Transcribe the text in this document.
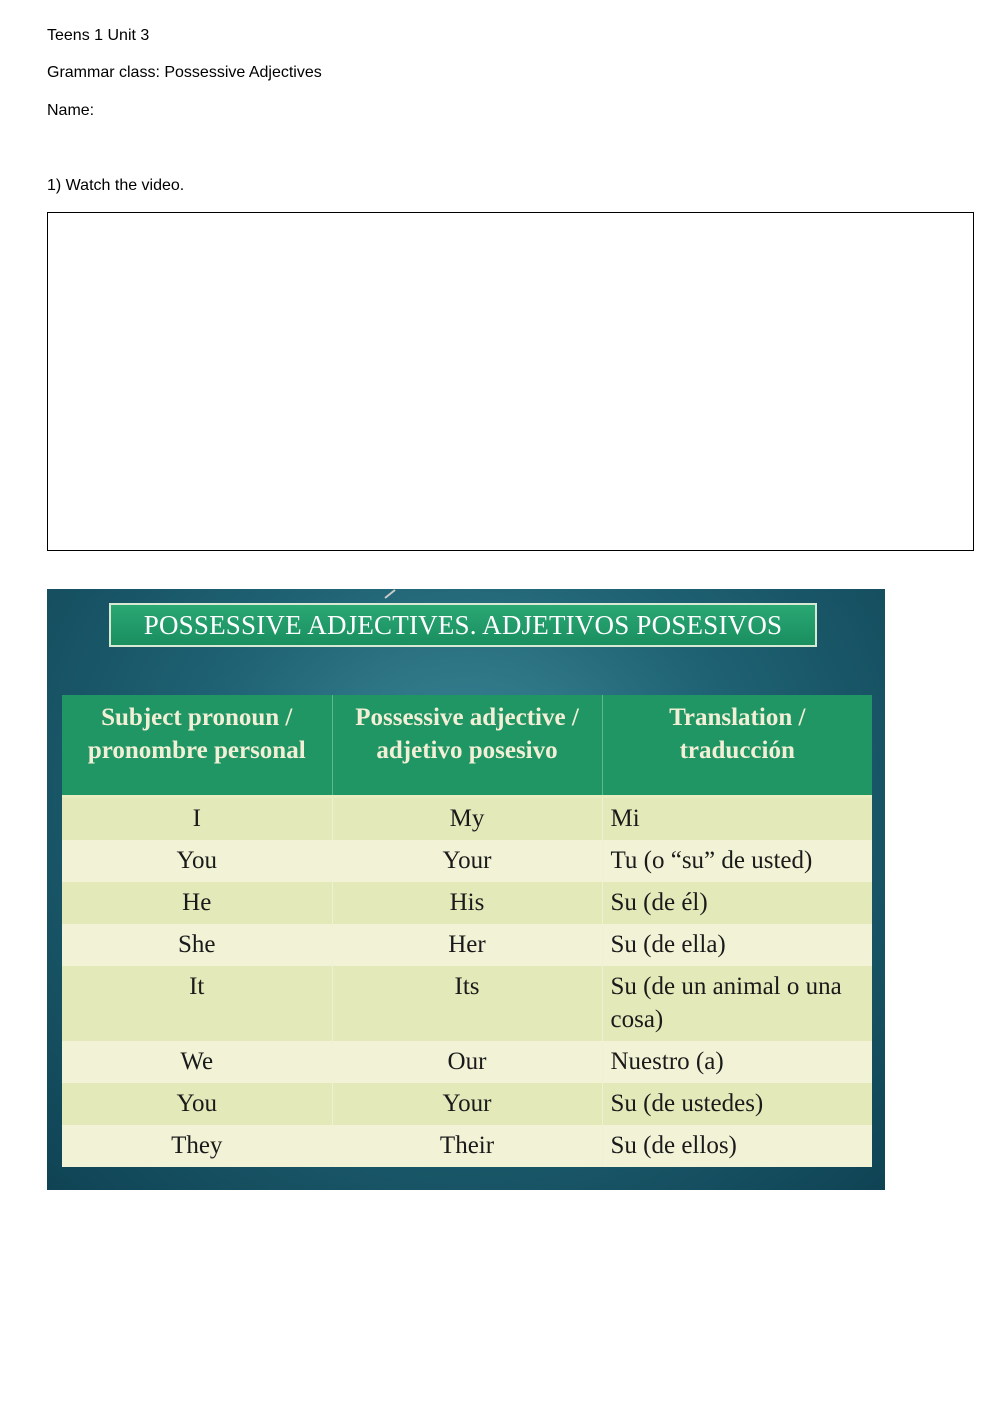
Teens 1 Unit 3
Grammar class: Possessive Adjectives
Name:
1) Watch the video.
POSSESSIVE ADJECTIVES. ADJETIVOS POSESIVOS
Subject pronoun / pronombre personal	Possessive adjective / adjetivo posesivo	Translation / traducción
I	My	Mi
You	Your	Tu (o “su” de usted)
He	His	Su (de él)
She	Her	Su (de ella)
It	Its	Su (de un animal o una cosa)
We	Our	Nuestro (a)
You	Your	Su (de ustedes)
They	Their	Su (de ellos)
